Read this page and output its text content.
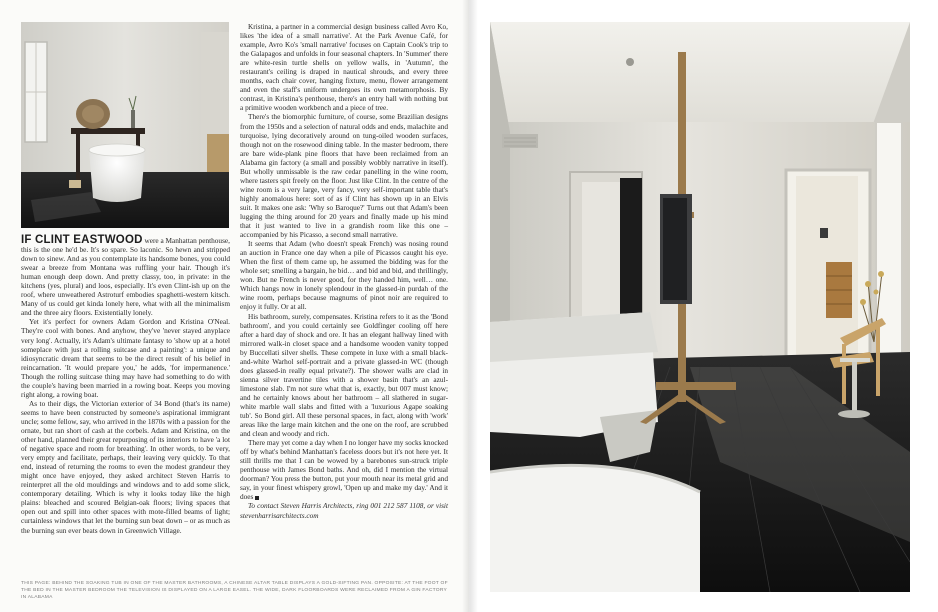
IF CLINT EASTWOOD were a Manhattan penthouse, this is the one he'd be. It's so spare. So laconic. So hewn and stripped down to sinew. And as you contemplate its handsome bones, you could swear a breeze from Montana was ruffling your hair. Though it's human enough deep down. And pretty classy, too, in private: in the kitchens (yes, plural) and loos, especially. It's even Clint-ish up on the roof, where unweathered Astroturf embodies spaghetti-western kitsch. Many of us could get kinda lonely here, what with all the minimalism and the three airy floors. Existentially lonely.

Yet it's perfect for owners Adam Gordon and Kristina O'Neal. They're cool with bones. And anyhow, they've 'never stayed anyplace very long'. Actually, it's Adam's ultimate fantasy to 'show up at a hotel someplace with just a rolling suitcase and a painting': a unique and idiosyncratic dream that seems to be the direct result of his belief in reincarnation. 'It would prepare you,' he adds, 'for impermanence.' Though the rolling suitcase thing may have had something to do with the couple's having been married in a rowing boat. Keeps you moving right along, a rowing boat.

As to their digs, the Victorian exterior of 34 Bond (that's its name) seems to have been constructed by someone's aspirational immigrant uncle; some fellow, say, who arrived in the 1870s with a passion for the ornate, but ran short of cash at the corbels. Adam and Kristina, on the other hand, planned their great repurposing of its interiors to have 'a lot of negative space and room for breathing'. In other words, to be very, very empty and facilitate, perhaps, their leaving very quickly. To that end, instead of returning the rooms to even the modest grandeur they might once have enjoyed, they asked architect Steven Harris to reinterpret all the old mouldings and windows and to add some slick, contemporary detailing. Which is why it looks today like the high plains: bleached and scoured Belgian-oak floors; living spaces that open out and spill into other spaces with mote-filled beams of light; curtainless windows that let the burning sun beat down – or as much as the burning sun ever beats down in Greenwich Village.

Kristina, a partner in a commercial design business called Avro Ko, likes 'the idea of a small narrative'. At the Park Avenue Café, for example, Avro Ko's 'small narrative' focuses on Captain Cook's trip to the Galapagos and unfolds in four seasonal chapters. In 'Summer' there are white-resin turtle shells on yellow walls, in 'Autumn', the restaurant's ceiling is draped in nautical shrouds, and every three months, each chair cover, hanging fixture, menu, flower arrangement and even the staff's uniform undergoes its own metamorphosis. By contrast, in Kristina's penthouse, there's an entry hall with nothing but a primitive wooden workbench and a piece of tree.

There's the biomorphic furniture, of course, some Brazilian designs from the 1950s and a selection of natural odds and ends, malachite and turquoise, lying decoratively around on tung-oiled wooden surfaces, though not on the rosewood dining table. In the master bedroom, there are bare wide-plank pine floors that have been reclaimed from an Alabama gin factory (a small and possibly wobbly narrative in itself). But wholly unmissable is the raw cedar panelling in the wine room, where tasters spit freely on the floor. Just like Clint. In the centre of the wine room is a very large, very fancy, very self-important table that's highly anomalous here: sort of as if Clint has shown up in an Elvis suit. It makes one ask: 'Why so Baroque?' Turns out that Adam's been lugging the thing around for 20 years and finally made up his mind that it just wanted to live in a grandish room like this one – accompanied by his Picasso, a second small narrative.

It seems that Adam (who doesn't speak French) was nosing round an auction in France one day when a pile of Picassos caught his eye. When the first of them came up, he assumed the bidding was for the whole set; smelling a bargain, he bid… and bid and bid, and thrillingly, won. But ne French is never good, for they handed him, well… one. Which hangs now in lonely splendour in the glassed-in purdah of the wine room, perhaps because magnums of pinot noir are required to enjoy it fully. Or at all.

His bathroom, surely, compensates. Kristina refers to it as the 'Bond bathroom', and you could certainly see Goldfinger cooling off here after a hard day of shock and ore. It has an elegant hallway lined with mirrored walk-in closet space and a handsome wooden vanity topped by Buccellati silver shells. These compete in luxe with a small black-and-white Warhol self-portrait and a private glassed-in WC (though does glassed-in really equal private?). The shower walls are clad in sienna silver travertine tiles with a shower basin that's an azul-limestone slab. I'm not sure what that is, exactly, but 007 must know; and he certainly knows about her bathroom – all slathered in sugar-white marble wall slabs and fitted with a 'luxurious Agape soaking tub'. So Bond girl. All these personal spaces, in fact, along with 'work' areas like the large main kitchen and the one on the roof, are scrubbed and clean and woody and rich.

There may yet come a day when I no longer have my socks knocked off by what's behind Manhattan's faceless doors but it's not here yet. It still thrills me that I can be wowed by a barebones sun-struck triple penthouse with James Bond baths. And oh, did I mention the virtual doorman? You press the button, put your mouth near its metal grid and say, in your finest whispery growl, 'Open up and make my day.' And it does

To contact Steven Harris Architects, ring 001 212 587 1108, or visit stevenharrisarchitects.com

THIS PAGE: BEHIND THE SOAKING TUB IN ONE OF THE MASTER BATHROOMS, A CHINESE ALTAR TABLE DISPLAYS A GOLD-SIFTING PAN. OPPOSITE: AT THE FOOT OF THE BED IN THE MASTER BEDROOM THE TELEVISION IS DISPLAYED ON A LARGE EASEL. THE WIDE, DARK FLOORBOARDS WERE RECLAIMED FROM A GIN FACTORY IN ALABAMA
